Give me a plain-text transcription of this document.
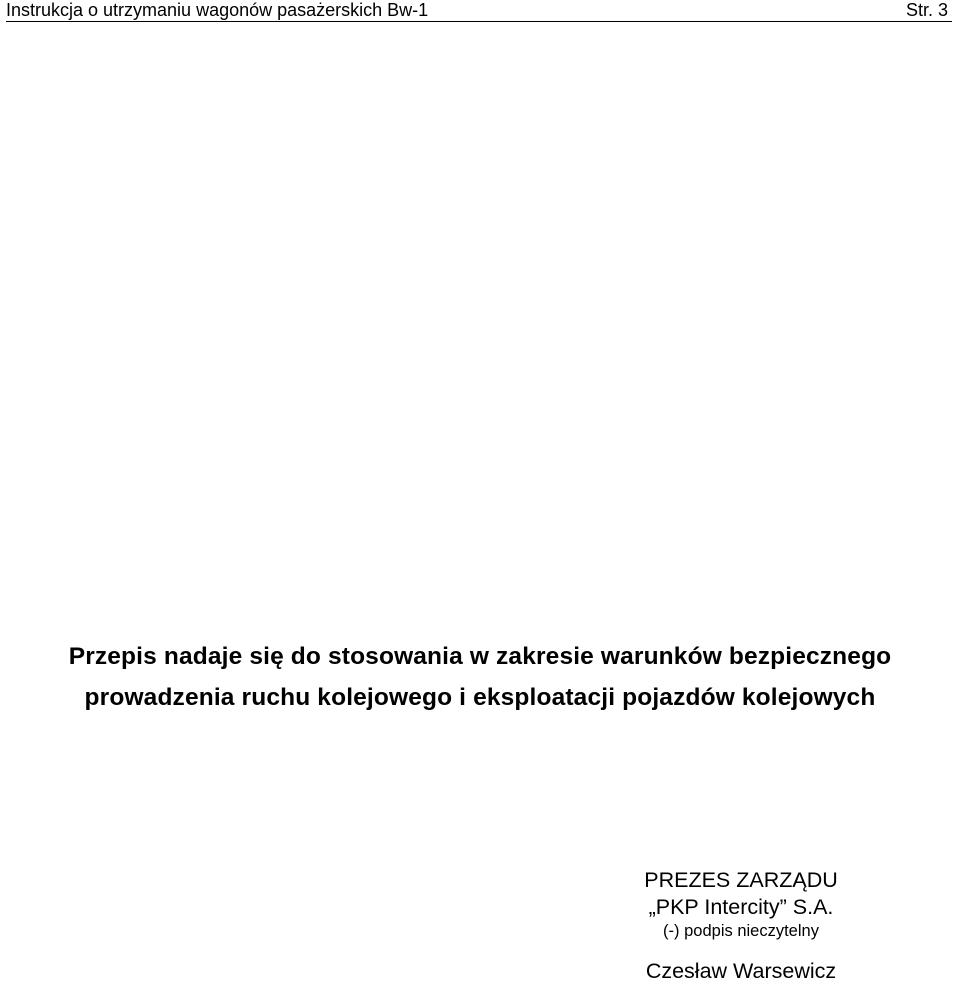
Instrukcja o utrzymaniu wagonów pasażerskich Bw-1	Str. 3
Przepis nadaje się do stosowania w zakresie warunków bezpiecznego
prowadzenia ruchu kolejowego i eksploatacji pojazdów kolejowych
PREZES ZARZĄDU
„PKP Intercity” S.A.
(-) podpis nieczytelny
Czesław Warsewicz
